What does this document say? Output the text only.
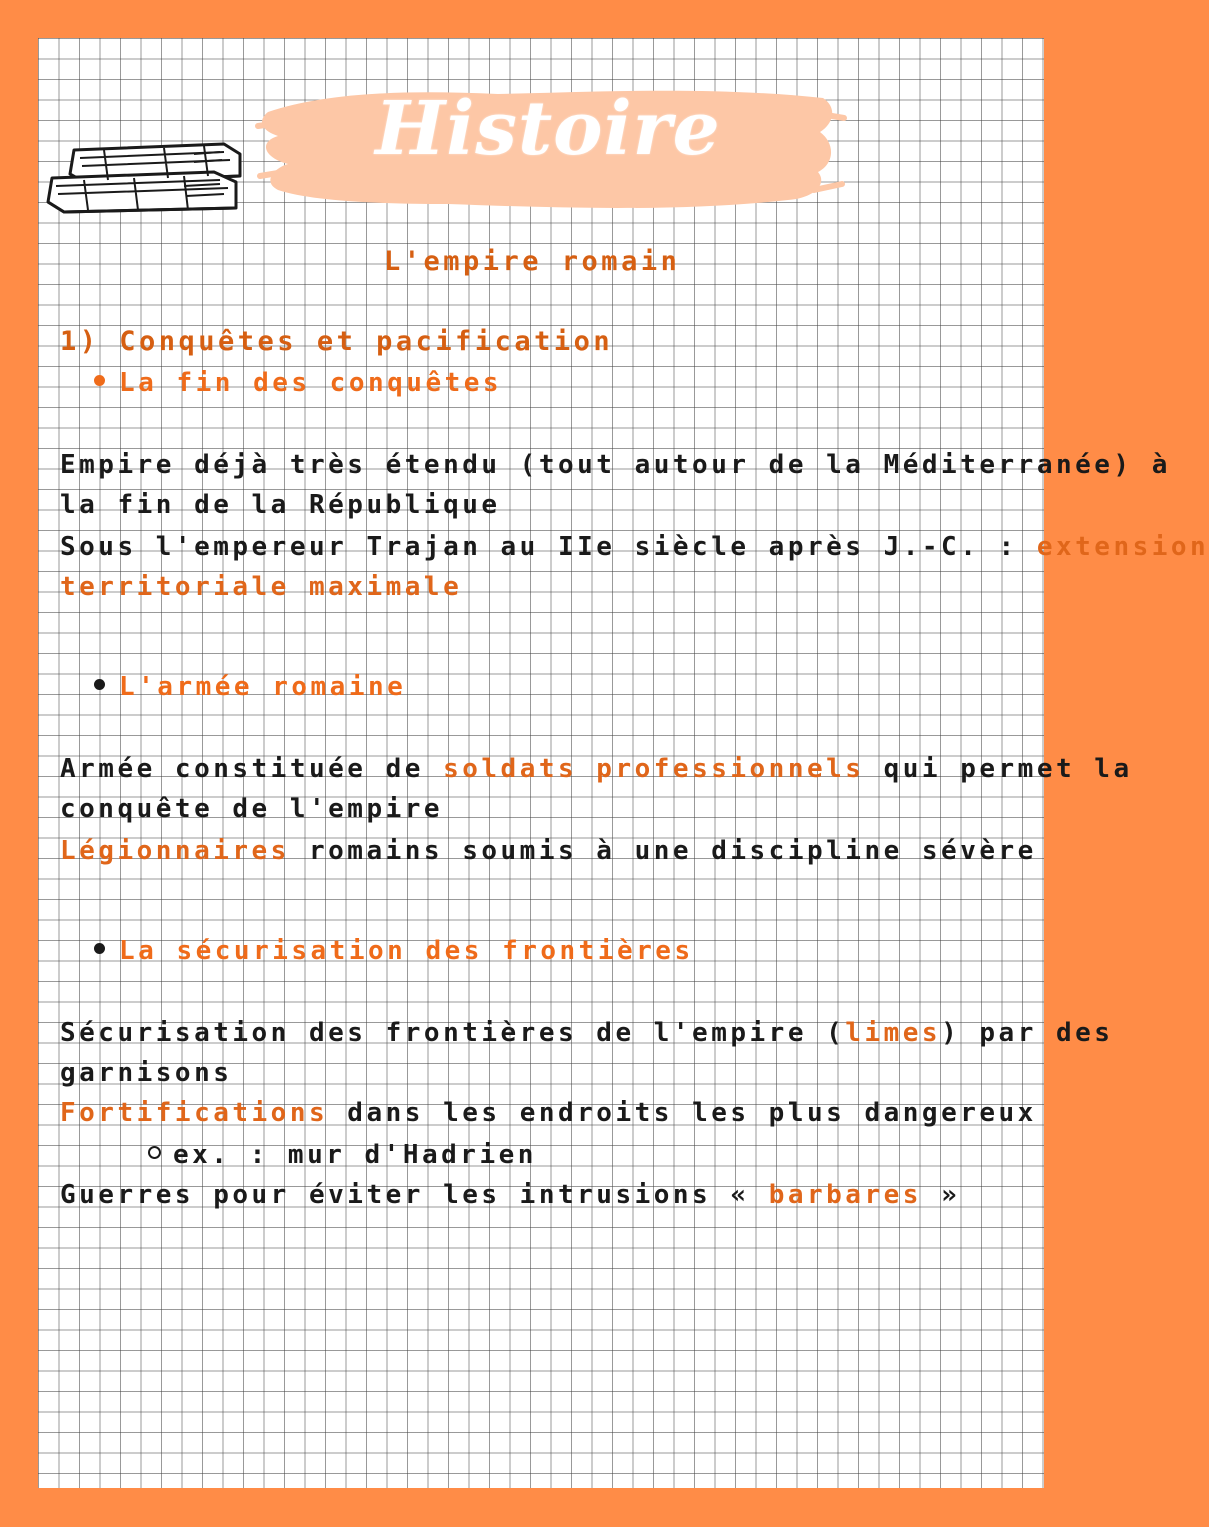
Histoire
L'empire romain
1) Conquêtes et pacification
La fin des conquêtes
Empire déjà très étendu (tout autour de la Méditerranée) à
la fin de la République
Sous l'empereur Trajan au IIe siècle après J.-C. : extension
territoriale maximale
L'armée romaine
Armée constituée de soldats professionnels qui permet la
conquête de l'empire
Légionnaires romains soumis à une discipline sévère
La sécurisation des frontières
Sécurisation des frontières de l'empire (limes) par des
garnisons
Fortifications dans les endroits les plus dangereux
ex. : mur d'Hadrien
Guerres pour éviter les intrusions « barbares »
